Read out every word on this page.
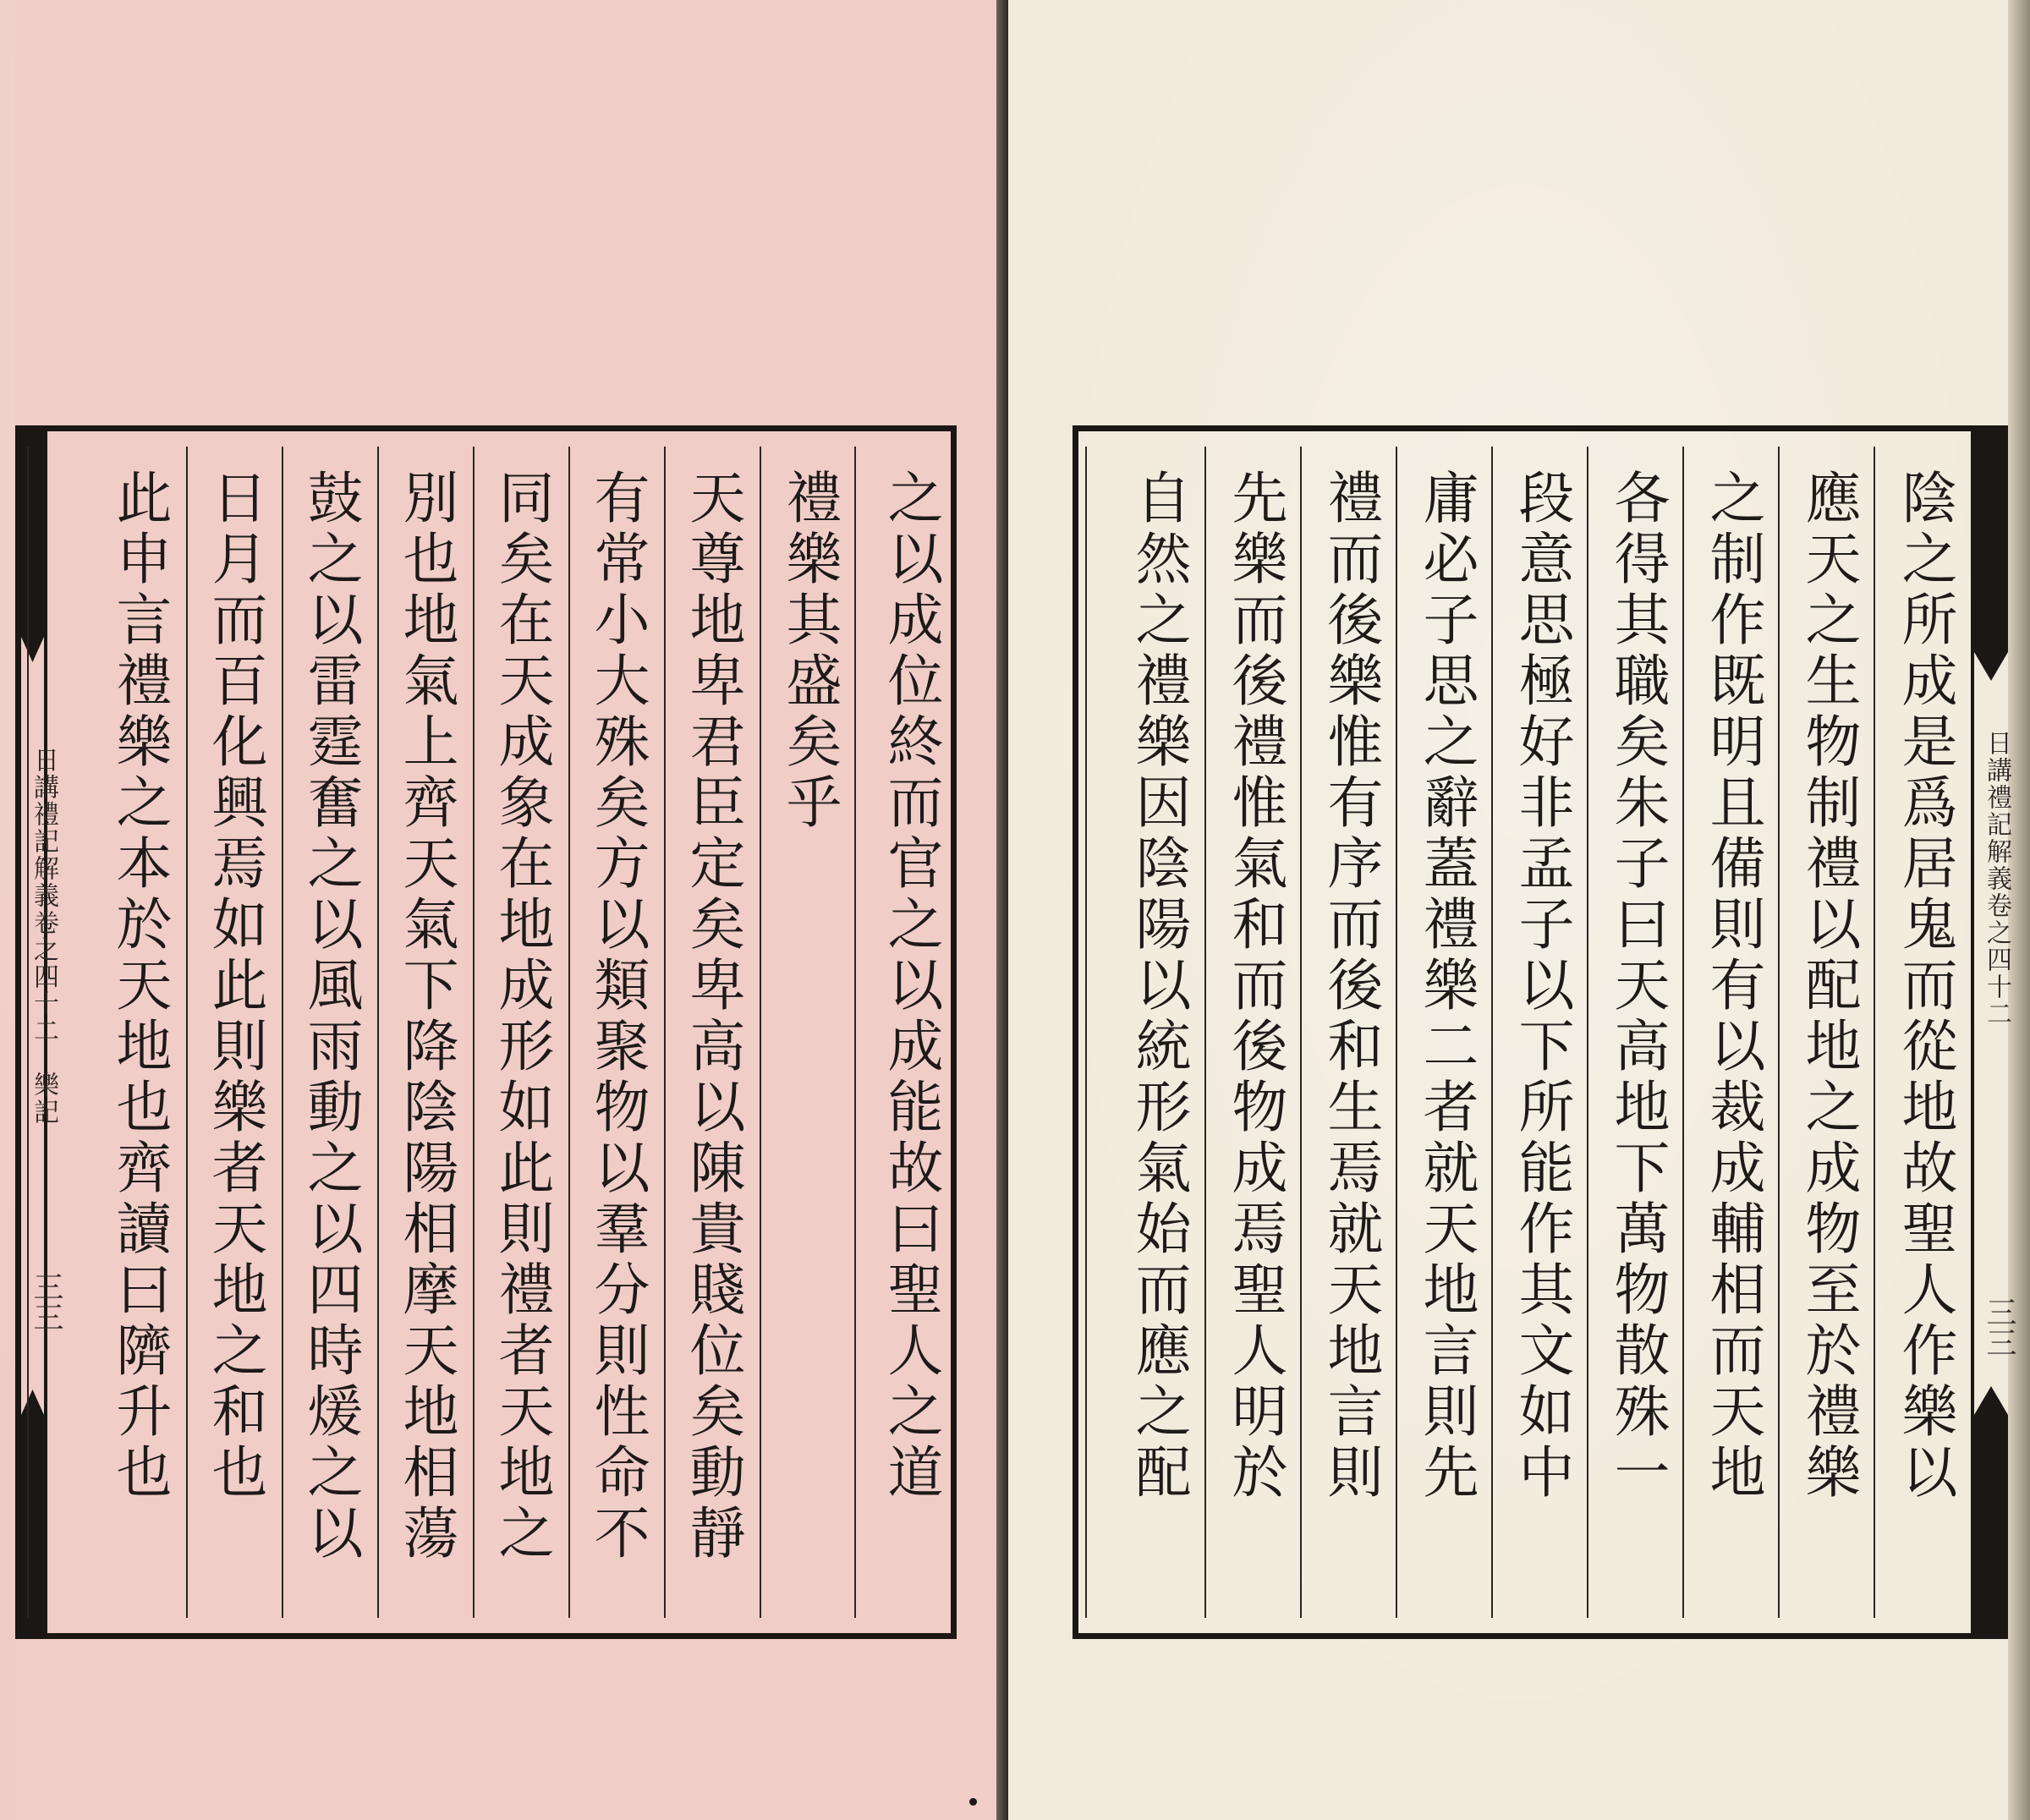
日講禮記解義卷之四十二　樂記
三三	之以成位終而官之以成能故曰聖人之道
禮樂其盛矣乎
天尊地卑君臣定矣卑高以陳貴賤位矣動靜
有常小大殊矣方以類聚物以羣分則性命不
同矣在天成象在地成形如此則禮者天地之
別也地氣上齊天氣下降陰陽相摩天地相蕩
鼓之以雷霆奮之以風雨動之以四時煖之以
日月而百化興焉如此則樂者天地之和也
此申言禮樂之本於天地也齊讀曰隮升也	陰之所成是爲居鬼而從地故聖人作樂以
應天之生物制禮以配地之成物至於禮樂
之制作既明且備則有以裁成輔相而天地
各得其職矣朱子曰天高地下萬物散殊一
段意思極好非孟子以下所能作其文如中
庸必子思之辭蓋禮樂二者就天地言則先
禮而後樂惟有序而後和生焉就天地言則
先樂而後禮惟氣和而後物成焉聖人明於
自然之禮樂因陰陽以統形氣始而應之配	日講禮記解義卷之四十二
三三
